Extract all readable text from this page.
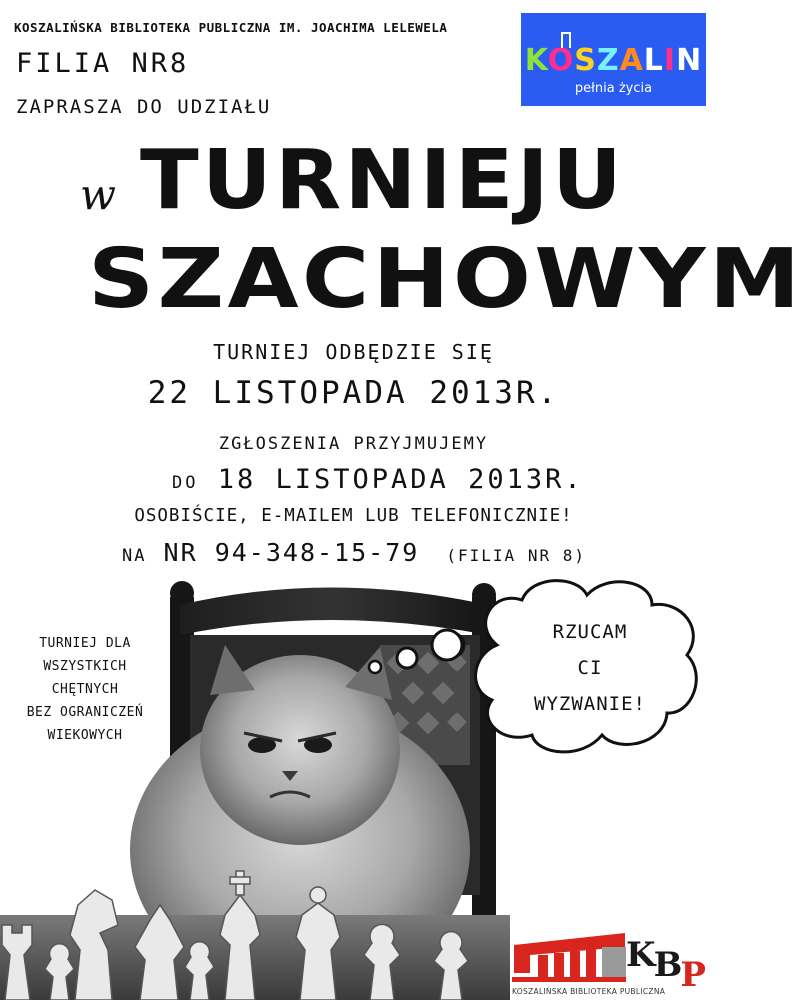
KOSZALIŃSKA BIBLIOTEKA PUBLICZNA IM. JOACHIMA LELEWELA
FILIA NR8
ZAPRASZA DO UDZIAŁU
KOSZALIN
pełnia życia
w TURNIEJU
SZACHOWYM
TURNIEJ ODBĘDZIE SIĘ
22 LISTOPADA 2013R.
ZGŁOSZENIA PRZYJMUJEMY
DO 18 LISTOPADA 2013R.
OSOBIŚCIE, E-MAILEM LUB TELEFONICZNIE!
NA NR 94-348-15-79 (FILIA NR 8)
TURNIEJ DLA
WSZYSTKICH
CHĘTNYCH
BEZ OGRANICZEŃ
WIEKOWYCH
RZUCAM
CI
WYZWANIE!
KBP
KOSZALIŃSKA BIBLIOTEKA PUBLICZNA
